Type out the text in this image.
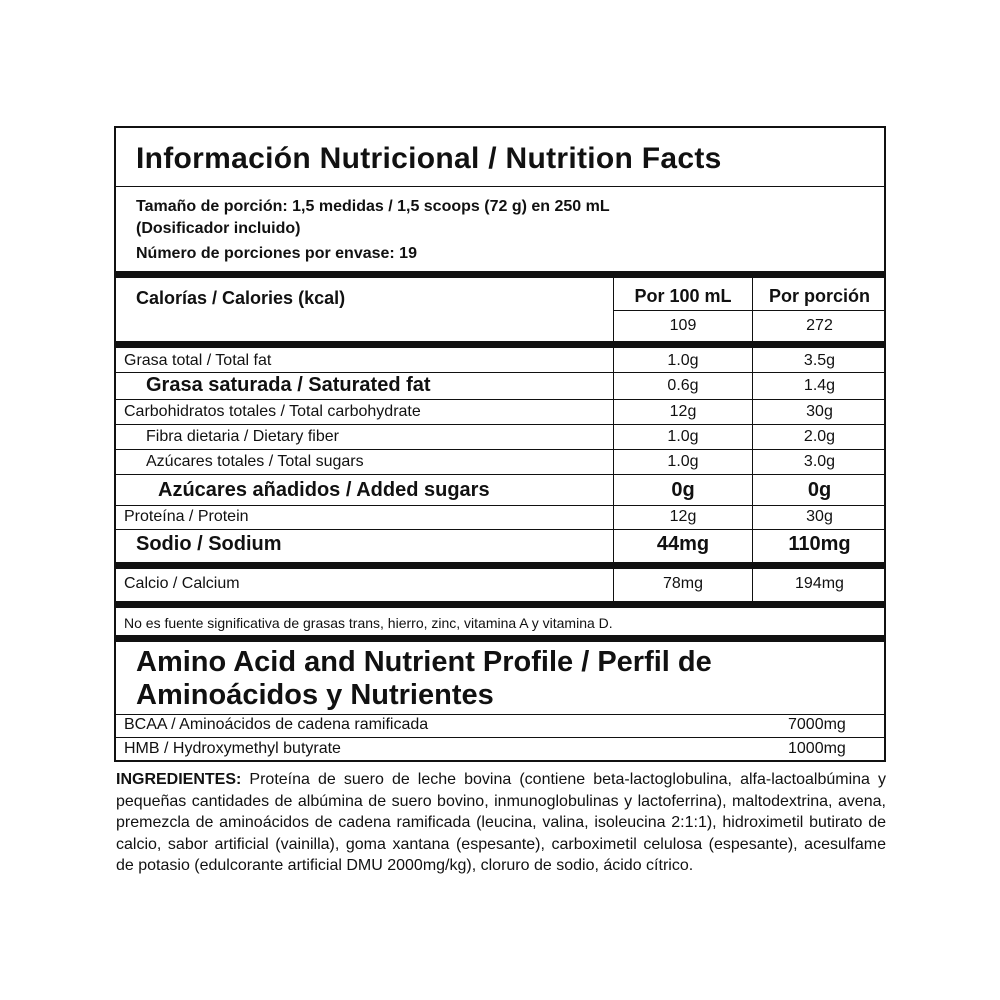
Información Nutricional / Nutrition Facts
Tamaño de porción: 1,5 medidas / 1,5 scoops (72 g) en 250 mL
(Dosificador incluido)
Número de porciones por envase: 19
Calorías / Calories (kcal)	Por 100 mL	Por porción
109	272
Grasa total / Total fat	1.0g	3.5g
Grasa saturada / Saturated fat	0.6g	1.4g
Carbohidratos totales / Total carbohydrate	12g	30g
Fibra dietaria / Dietary fiber	1.0g	2.0g
Azúcares totales / Total sugars	1.0g	3.0g
Azúcares añadidos / Added sugars	0g	0g
Proteína / Protein	12g	30g
Sodio / Sodium	44mg	110mg
Calcio / Calcium	78mg	194mg
No es fuente significativa de grasas trans, hierro, zinc, vitamina A y vitamina D.
Amino Acid and Nutrient Profile / Perfil de
Aminoácidos y Nutrientes
BCAA / Aminoácidos de cadena ramificada	7000mg
HMB / Hydroxymethyl butyrate	1000mg
INGREDIENTES: Proteína de suero de leche bovina (contiene beta-lactoglobulina, alfa-lactoalbúmina y pequeñas cantidades de albúmina de suero bovino, inmunoglobulinas y lactoferrina), maltodextrina, avena, premezcla de aminoácidos de cadena ramificada (leucina, valina, isoleucina 2:1:1), hidroximetil butirato de calcio, sabor artificial (vainilla), goma xantana (espesante), carboximetil celulosa (espesante), acesulfame de potasio (edulcorante artificial DMU 2000mg/kg), cloruro de sodio, ácido cítrico.
